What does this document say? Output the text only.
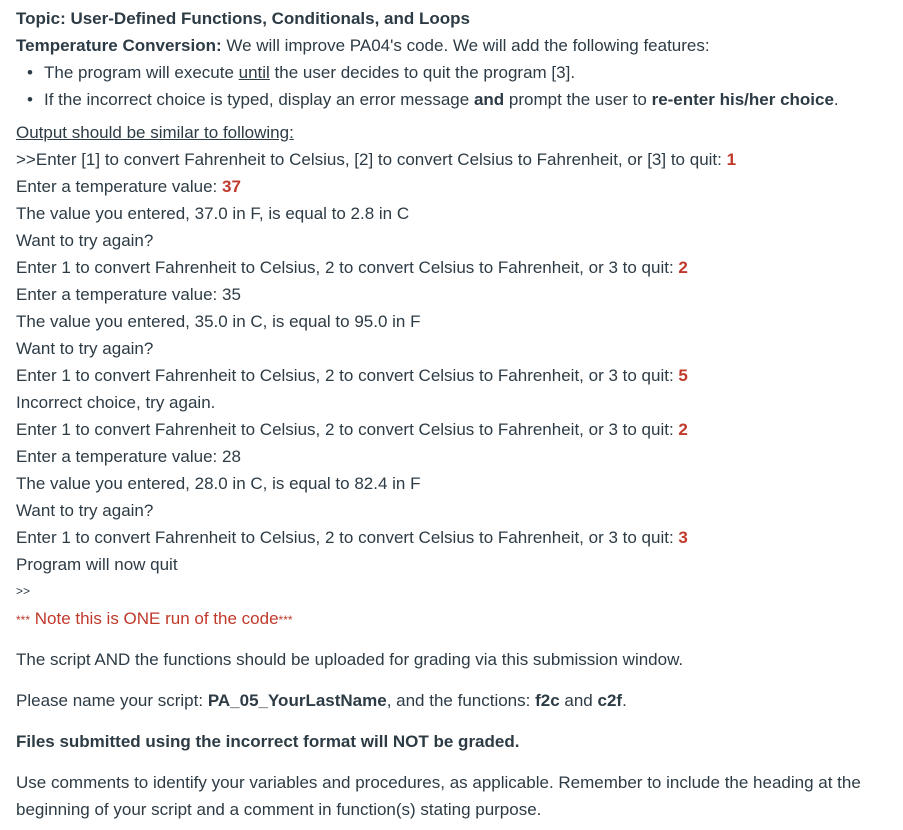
Topic: User-Defined Functions, Conditionals, and Loops
Temperature Conversion: We will improve PA04's code. We will add the following features:
• The program will execute until the user decides to quit the program [3].
• If the incorrect choice is typed, display an error message and prompt the user to re-enter his/her choice.
Output should be similar to following:
>>Enter [1] to convert Fahrenheit to Celsius, [2] to convert Celsius to Fahrenheit, or [3] to quit: 1
Enter a temperature value: 37
The value you entered, 37.0 in F, is equal to 2.8 in C
Want to try again?
Enter 1 to convert Fahrenheit to Celsius, 2 to convert Celsius to Fahrenheit, or 3 to quit: 2
Enter a temperature value: 35
The value you entered, 35.0 in C, is equal to 95.0 in F
Want to try again?
Enter 1 to convert Fahrenheit to Celsius, 2 to convert Celsius to Fahrenheit, or 3 to quit: 5
Incorrect choice, try again.
Enter 1 to convert Fahrenheit to Celsius, 2 to convert Celsius to Fahrenheit, or 3 to quit: 2
Enter a temperature value: 28
The value you entered, 28.0 in C, is equal to 82.4 in F
Want to try again?
Enter 1 to convert Fahrenheit to Celsius, 2 to convert Celsius to Fahrenheit, or 3 to quit: 3
Program will now quit
>>
*** Note this is ONE run of the code***
The script AND the functions should be uploaded for grading via this submission window.
Please name your script: PA_05_YourLastName, and the functions: f2c and c2f.
Files submitted using the incorrect format will NOT be graded.

Use comments to identify your variables and procedures, as applicable. Remember to include the heading at the beginning of your script and a comment in function(s) stating purpose.
